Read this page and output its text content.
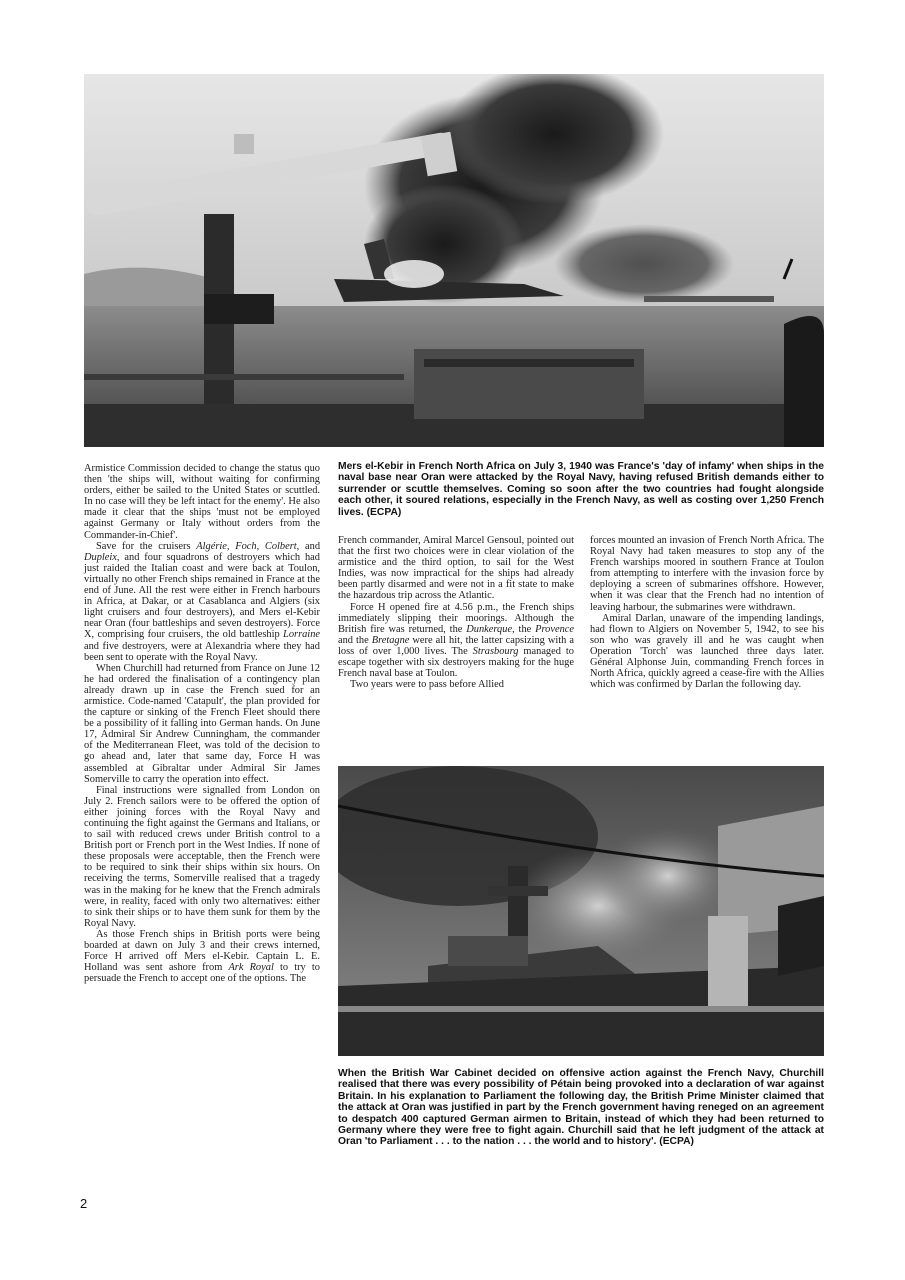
Armistice Commission decided to change the status quo then 'the ships will, without waiting for confirming orders, either be sailed to the United States or scuttled. In no case will they be left intact for the enemy'. He also made it clear that the ships 'must not be employed against Germany or Italy without orders from the Commander-in-Chief'.

Save for the cruisers Algérie, Foch, Colbert, and Dupleix, and four squadrons of destroyers which had just raided the Italian coast and were back at Toulon, virtually no other French ships remained in France at the end of June. All the rest were either in French harbours in Africa, at Dakar, or at Casablanca and Algiers (six light cruisers and four destroyers), and Mers el-Kebir near Oran (four battleships and seven destroyers). Force X, comprising four cruisers, the old battleship Lorraine and five destroyers, were at Alexandria where they had been sent to operate with the Royal Navy.

When Churchill had returned from France on June 12 he had ordered the finalisation of a contingency plan already drawn up in case the French sued for an armistice. Code-named 'Catapult', the plan provided for the capture or sinking of the French Fleet should there be a possibility of it falling into German hands. On June 17, Admiral Sir Andrew Cunningham, the commander of the Mediterranean Fleet, was told of the decision to go ahead and, later that same day, Force H was assembled at Gibraltar under Admiral Sir James Somerville to carry the operation into effect.

Final instructions were signalled from London on July 2. French sailors were to be offered the option of either joining forces with the Royal Navy and continuing the fight against the Germans and Italians, or to sail with reduced crews under British control to a British port or French port in the West Indies. If none of these proposals were acceptable, then the French were to be required to sink their ships within six hours. On receiving the terms, Somerville realised that a tragedy was in the making for he knew that the French admirals were, in reality, faced with only two alternatives: either to sink their ships or to have them sunk for them by the Royal Navy.

As those French ships in British ports were being boarded at dawn on July 3 and their crews interned, Force H arrived off Mers el-Kebir. Captain L. E. Holland was sent ashore from Ark Royal to try to persuade the French to accept one of the options. The

Mers el-Kebir in French North Africa on July 3, 1940 was France's 'day of infamy' when ships in the naval base near Oran were attacked by the Royal Navy, having refused British demands either to surrender or scuttle themselves. Coming so soon after the two countries had fought alongside each other, it soured relations, especially in the French Navy, as well as costing over 1,250 French lives. (ECPA)

French commander, Amiral Marcel Gensoul, pointed out that the first two choices were in clear violation of the armistice and the third option, to sail for the West Indies, was now impractical for the ships had already been partly disarmed and were not in a fit state to make the hazardous trip across the Atlantic.

Force H opened fire at 4.56 p.m., the French ships immediately slipping their moorings. Although the British fire was returned, the Dunkerque, the Provence and the Bretagne were all hit, the latter capsizing with a loss of over 1,000 lives. The Strasbourg managed to escape together with six destroyers making for the huge French naval base at Toulon.

Two years were to pass before Allied

forces mounted an invasion of French North Africa. The Royal Navy had taken measures to stop any of the French warships moored in southern France at Toulon from attempting to interfere with the invasion force by deploying a screen of submarines offshore. However, when it was clear that the French had no intention of leaving harbour, the submarines were withdrawn.

Amiral Darlan, unaware of the impending landings, had flown to Algiers on November 5, 1942, to see his son who was gravely ill and he was caught when Operation 'Torch' was launched three days later. Général Alphonse Juin, commanding French forces in North Africa, quickly agreed a cease-fire with the Allies which was confirmed by Darlan the following day.

When the British War Cabinet decided on offensive action against the French Navy, Churchill realised that there was every possibility of Pétain being provoked into a declaration of war against Britain. In his explanation to Parliament the following day, the British Prime Minister claimed that the attack at Oran was justified in part by the French government having reneged on an agreement to despatch 400 captured German airmen to Britain, instead of which they had been returned to Germany where they were free to fight again. Churchill said that he left judgment of the attack at Oran 'to Parliament . . . to the nation . . . the world and to history'. (ECPA)
2
